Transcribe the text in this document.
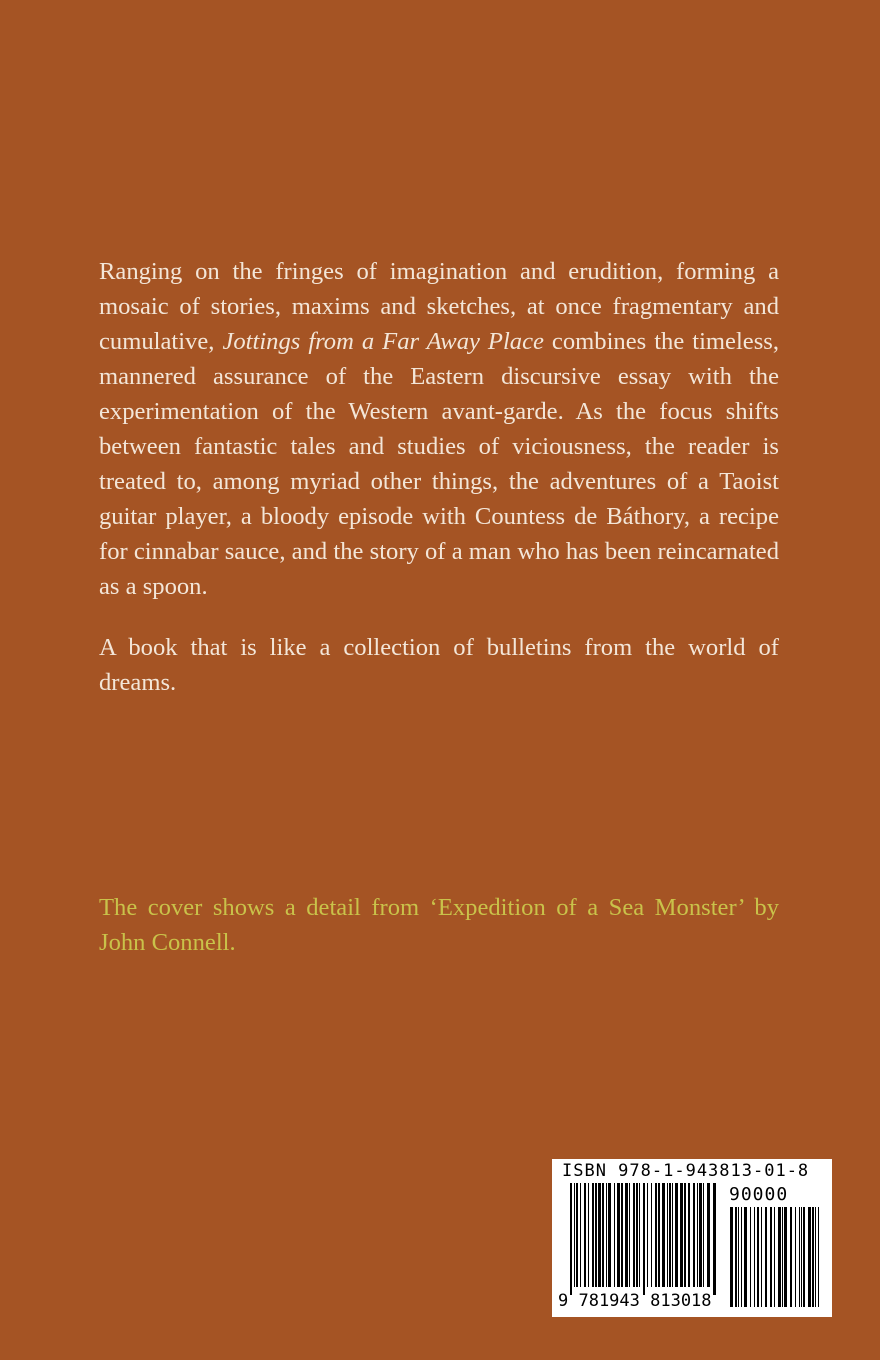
Ranging on the fringes of imagination and erudition, forming a mosaic of stories, maxims and sketches, at once fragmentary and cumulative, Jottings from a Far Away Place combines the timeless, mannered assurance of the Eastern discursive essay with the experimentation of the Western avant-garde. As the focus shifts between fantastic tales and studies of viciousness, the reader is treated to, among myriad other things, the adventures of a Taoist guitar player, a bloody episode with Countess de Báthory, a recipe for cinnabar sauce, and the story of a man who has been reincarnated as a spoon.

A book that is like a collection of bulletins from the world of dreams.

The cover shows a detail from ‘Expedition of a Sea Monster’ by John Connell.
ISBN 978-1-943813-01-8
90000
9 781943 813018
